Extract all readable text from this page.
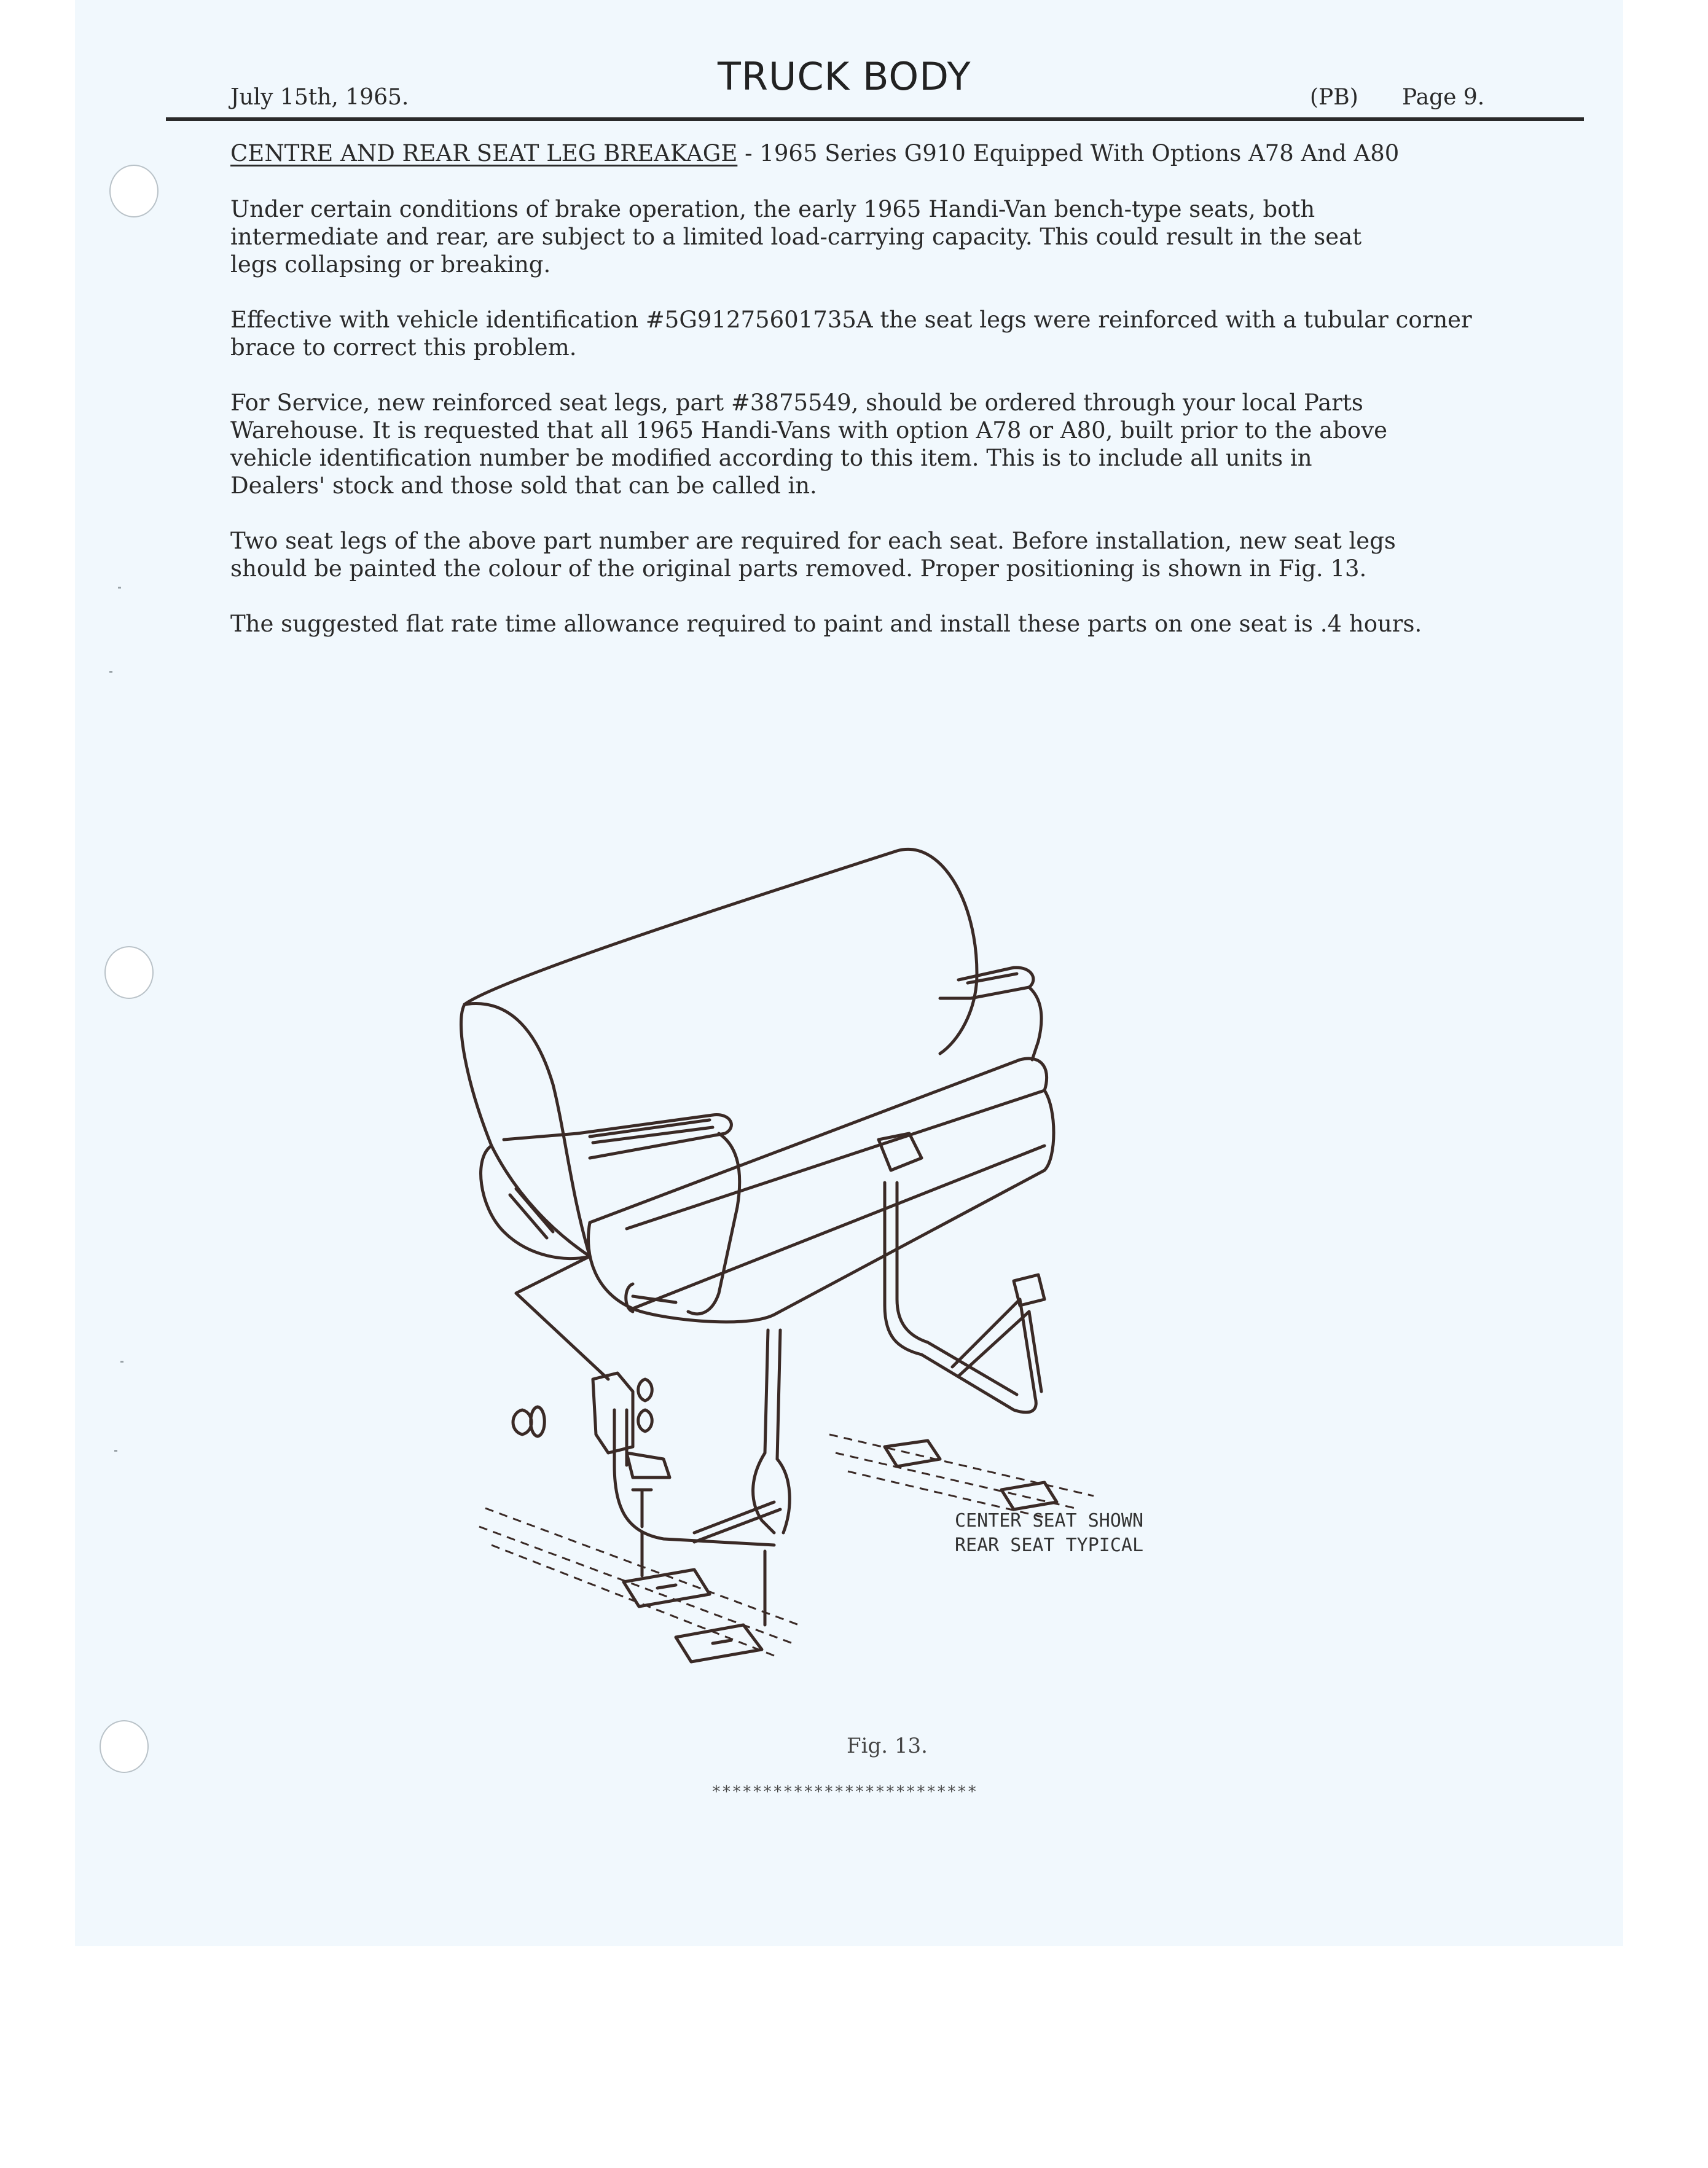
July 15th, 1965.	TRUCK BODY	(PB) Page 9.
CENTRE AND REAR SEAT LEG BREAKAGE - 1965 Series G910 Equipped With Options A78 And A80

Under certain conditions of brake operation, the early 1965 Handi-Van bench-type seats, both
intermediate and rear, are subject to a limited load-carrying capacity. This could result in the seat
legs collapsing or breaking.

Effective with vehicle identification #5G91275601735A the seat legs were reinforced with a tubular corner
brace to correct this problem.

For Service, new reinforced seat legs, part #3875549, should be ordered through your local Parts
Warehouse. It is requested that all 1965 Handi-Vans with option A78 or A80, built prior to the above
vehicle identification number be modified according to this item. This is to include all units in
Dealers' stock and those sold that can be called in.

Two seat legs of the above part number are required for each seat. Before installation, new seat legs
should be painted the colour of the original parts removed. Proper positioning is shown in Fig. 13.

The suggested flat rate time allowance required to paint and install these parts on one seat is .4 hours.

CENTER SEAT SHOWN
REAR SEAT TYPICAL
Fig. 13.
**************************
